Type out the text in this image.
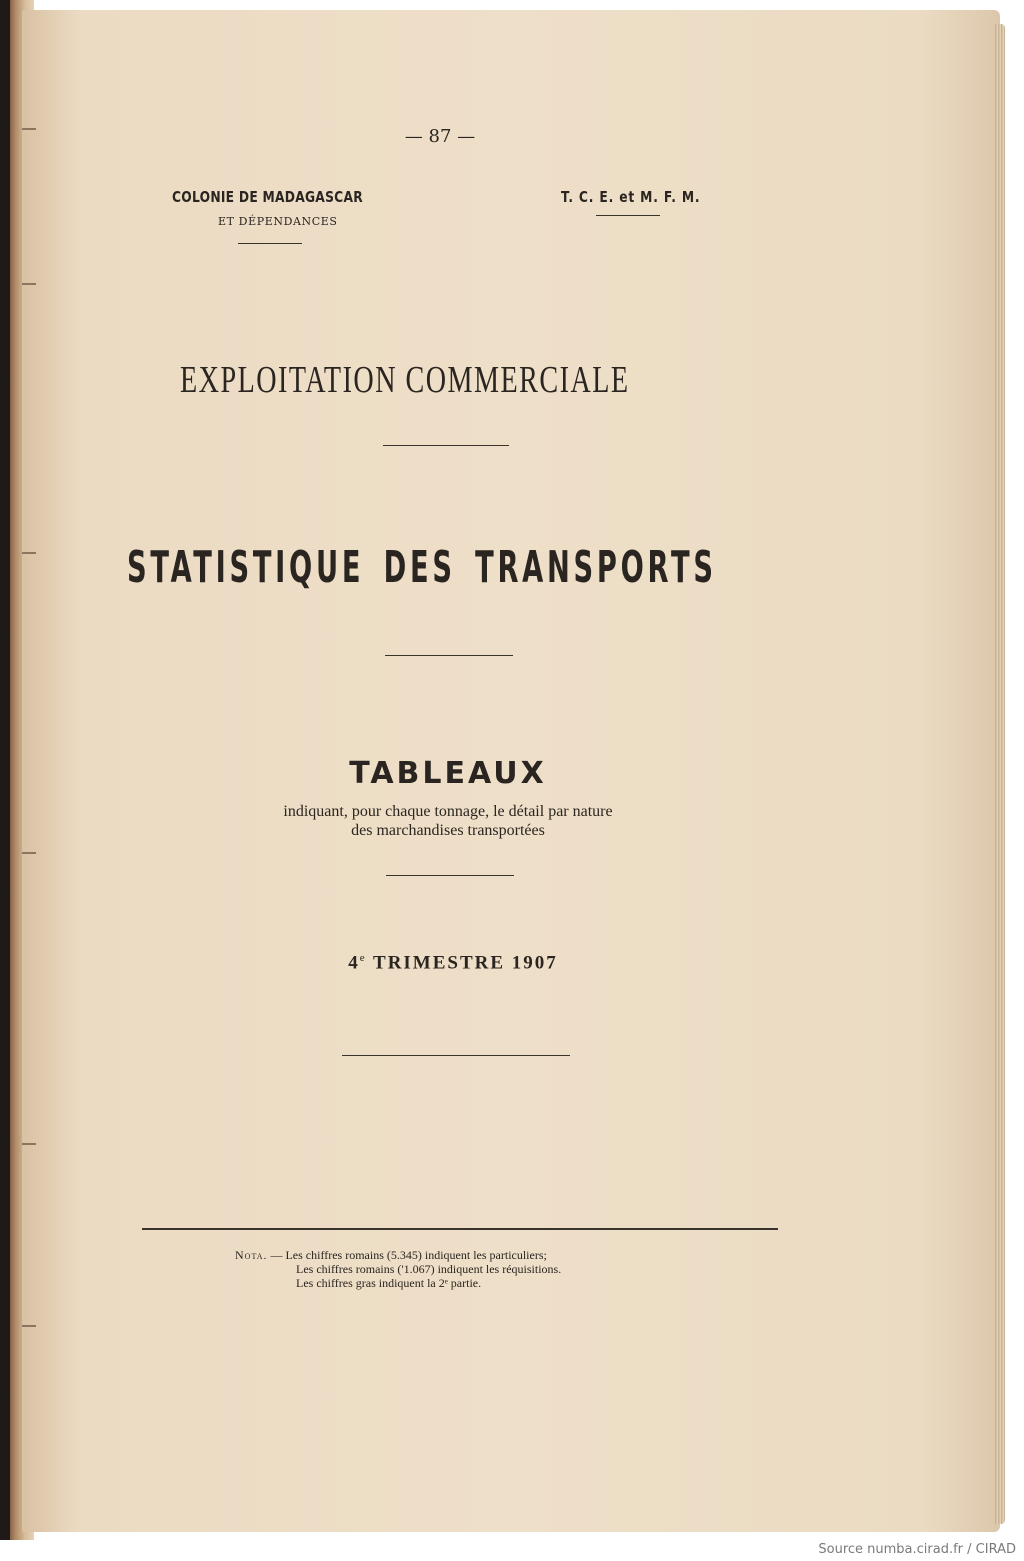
— 87 —
COLONIE DE MADAGASCAR
ET DÉPENDANCES
T. C. E. et M. F. M.
EXPLOITATION COMMERCIALE
STATISTIQUE DES TRANSPORTS
TABLEAUX
indiquant, pour chaque tonnage, le détail par nature
des marchandises transportées
4e TRIMESTRE 1907
Nota. — Les chiffres romains (5.345) indiquent les particuliers;
Les chiffres romains ('1.067) indiquent les réquisitions.
Les chiffres gras indiquent la 2ᵉ partie.
Source numba.cirad.fr / CIRAD
